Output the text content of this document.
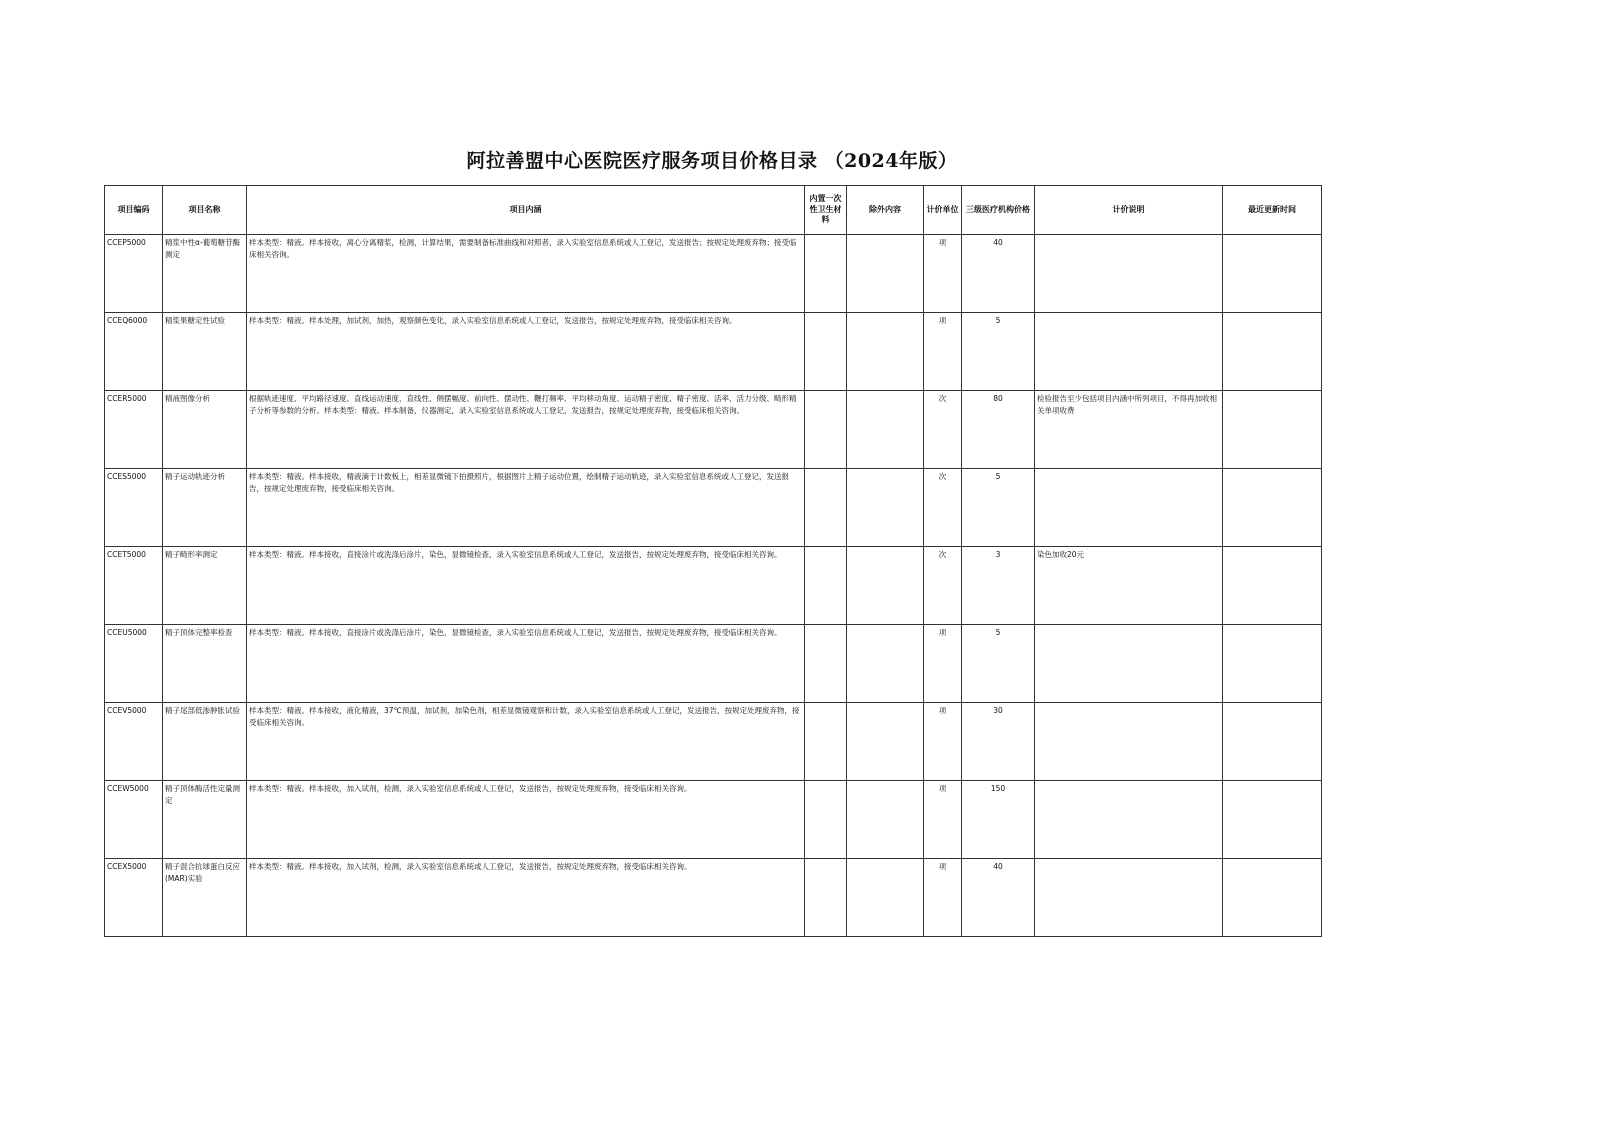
阿拉善盟中心医院医疗服务项目价格目录 （2024年版）
项目编码	项目名称	项目内涵	内置一次性卫生材料	除外内容	计价单位	三级医疗机构价格	计价说明	最近更新时间
CCEP5000	精浆中性α-葡萄糖苷酶测定	样本类型：精液。样本接收，离心分离精浆，检测，计算结果，需要制备标准曲线和对照者，录入实验室信息系统或人工登记，发送报告；按规定处理废弃物；接受临床相关咨询。			项	40		
CCEQ6000	精浆果糖定性试验	样本类型：精液。样本处理，加试剂，加热，观察颜色变化，录入实验室信息系统或人工登记，发送报告，按规定处理废弃物，接受临床相关咨询。			项	5		
CCER5000	精液图像分析	根据轨迹速度、平均路径速度、直线运动速度、直线性、侧摆幅度、前向性、摆动性、鞭打频率、平均移动角度、运动精子密度、精子密度、活率、活力分级、畸形精子分析等参数的分析。样本类型：精液。样本制备，仪器测定，录入实验室信息系统或人工登记，发送报告，按规定处理废弃物，接受临床相关咨询。			次	80	检验报告至少包括项目内涵中所列项目，不得再加收相关单项收费	
CCES5000	精子运动轨迹分析	样本类型：精液。样本接收，精液滴于计数板上，相差显微镜下拍摄照片，根据图片上精子运动位置，绘制精子运动轨迹，录入实验室信息系统或人工登记，发送报告，按规定处理废弃物，接受临床相关咨询。			次	5		
CCET5000	精子畸形率测定	样本类型：精液。样本接收，直接涂片或洗涤后涂片，染色，显微镜检查，录入实验室信息系统或人工登记，发送报告，按规定处理废弃物，接受临床相关咨询。			次	3	染色加收20元	
CCEU5000	精子顶体完整率检查	样本类型：精液。样本接收，直接涂片或洗涤后涂片，染色，显微镜检查，录入实验室信息系统或人工登记，发送报告，按规定处理废弃物，接受临床相关咨询。			项	5		
CCEV5000	精子尾部低渗肿胀试验	样本类型：精液。样本接收，液化精液，37℃预温，加试剂，加染色剂，相差显微镜观察和计数，录入实验室信息系统或人工登记，发送报告，按规定处理废弃物，接受临床相关咨询。			项	30		
CCEW5000	精子顶体酶活性定量测定	样本类型：精液。样本接收，加入试剂，检测，录入实验室信息系统或人工登记，发送报告，按规定处理废弃物，接受临床相关咨询。			项	150		
CCEX5000	精子混合抗球蛋白反应(MAR)实验	样本类型：精液。样本接收，加入试剂，检测，录入实验室信息系统或人工登记，发送报告，按规定处理废弃物，接受临床相关咨询。			项	40		
